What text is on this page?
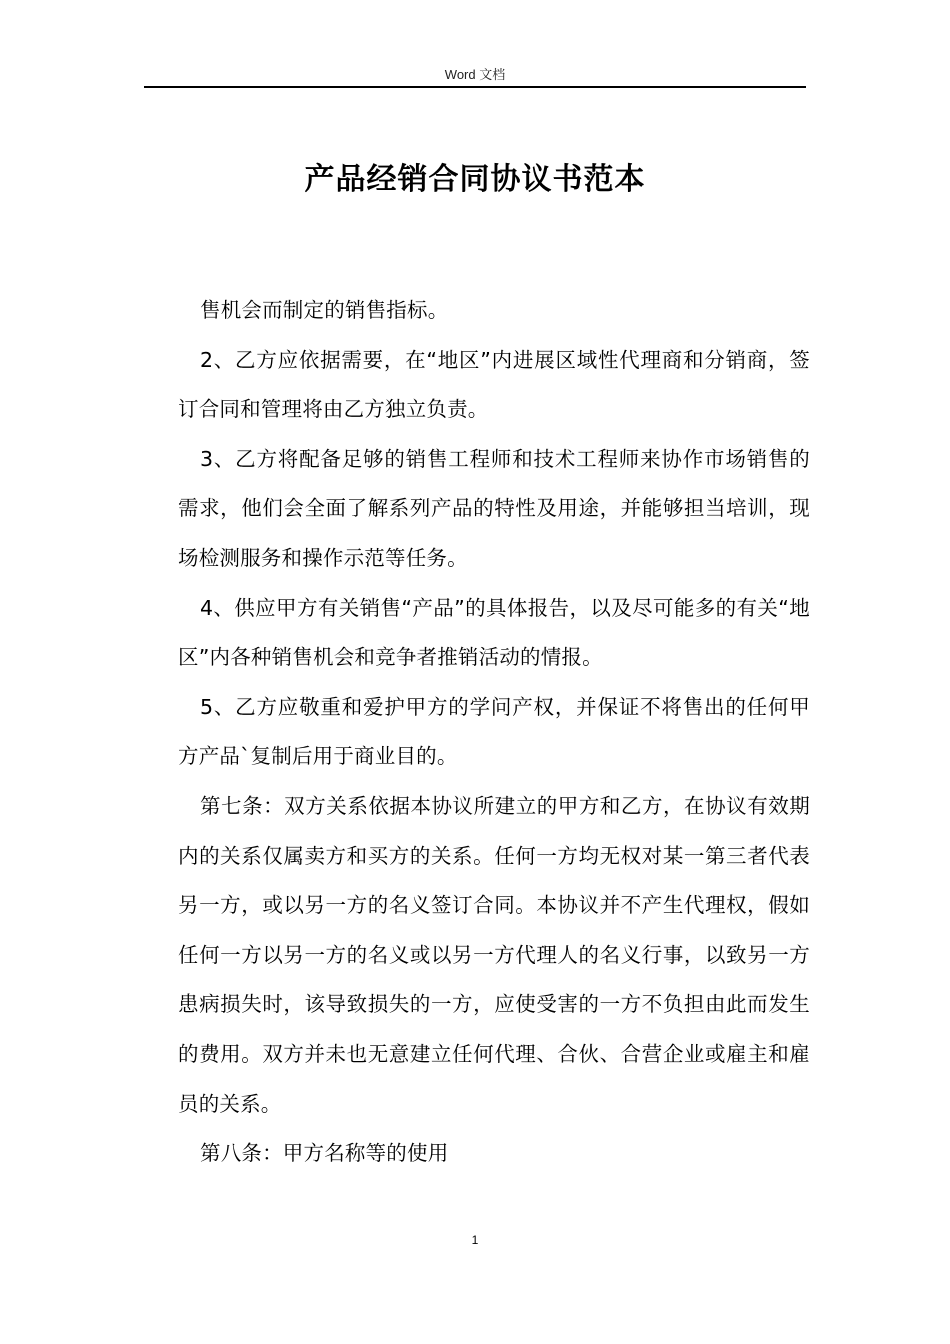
Word 文档
产品经销合同协议书范本

售机会而制定的销售指标。

2、乙方应依据需要，在“地区”内进展区域性代理商和分销商，签订合同和管理将由乙方独立负责。

3、乙方将配备足够的销售工程师和技术工程师来协作市场销售的需求，他们会全面了解系列产品的特性及用途，并能够担当培训，现场检测服务和操作示范等任务。

4、供应甲方有关销售“产品”的具体报告，以及尽可能多的有关“地区”内各种销售机会和竞争者推销活动的情报。

5、乙方应敬重和爱护甲方的学问产权，并保证不将售出的任何甲方产品`复制后用于商业目的。

第七条：双方关系依据本协议所建立的甲方和乙方，在协议有效期内的关系仅属卖方和买方的关系。任何一方均无权对某一第三者代表另一方，或以另一方的名义签订合同。本协议并不产生代理权，假如任何一方以另一方的名义或以另一方代理人的名义行事，以致另一方患病损失时，该导致损失的一方，应使受害的一方不负担由此而发生的费用。双方并未也无意建立任何代理、合伙、合营企业或雇主和雇员的关系。

第八条：甲方名称等的使用

1
